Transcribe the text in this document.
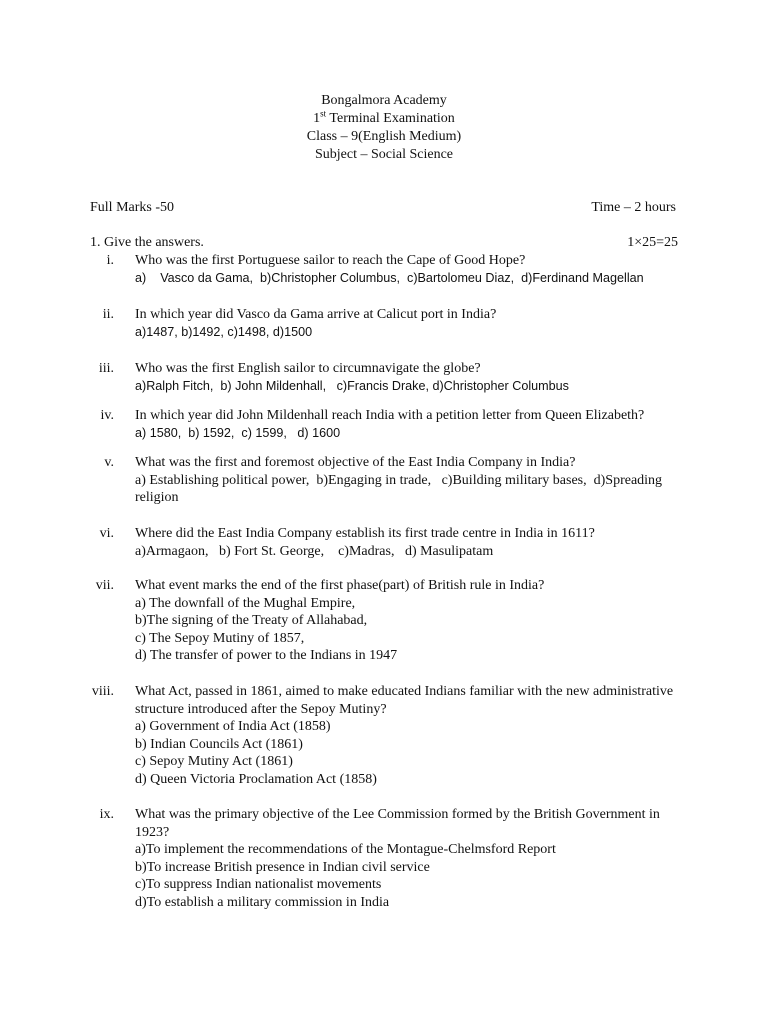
Bongalmora Academy
1st Terminal Examination
Class – 9(English Medium)
Subject – Social Science
Full Marks -50	Time – 2 hours
1. Give the answers.	1×25=25
i. Who was the first Portuguese sailor to reach the Cape of Good Hope?
a)    Vasco da Gama,  b)Christopher Columbus,  c)Bartolomeu Diaz,  d)Ferdinand Magellan
ii. In which year did Vasco da Gama arrive at Calicut port in India?
a)1487, b)1492, c)1498, d)1500
iii. Who was the first English sailor to circumnavigate the globe?
a)Ralph Fitch,  b) John Mildenhall,   c)Francis Drake, d)Christopher Columbus
iv. In which year did John Mildenhall reach India with a petition letter from Queen Elizabeth?
a) 1580,  b) 1592,  c) 1599,   d) 1600
v. What was the first and foremost objective of the East India Company in India?
a) Establishing political power,  b)Engaging in trade,   c)Building military bases,  d)Spreading
religion
vi. Where did the East India Company establish its first trade centre in India in 1611?
a)Armagaon,   b) Fort St. George,    c)Madras,   d) Masulipatam
vii. What event marks the end of the first phase(part) of British rule in India?
a) The downfall of the Mughal Empire,
b)The signing of the Treaty of Allahabad,
c) The Sepoy Mutiny of 1857,
d) The transfer of power to the Indians in 1947
viii. What Act, passed in 1861, aimed to make educated Indians familiar with the new administrative
structure introduced after the Sepoy Mutiny?
a) Government of India Act (1858)
b) Indian Councils Act (1861)
c) Sepoy Mutiny Act (1861)
d) Queen Victoria Proclamation Act (1858)
ix. What was the primary objective of the Lee Commission formed by the British Government in
1923?
a)To implement the recommendations of the Montague-Chelmsford Report
b)To increase British presence in Indian civil service
c)To suppress Indian nationalist movements
d)To establish a military commission in India
